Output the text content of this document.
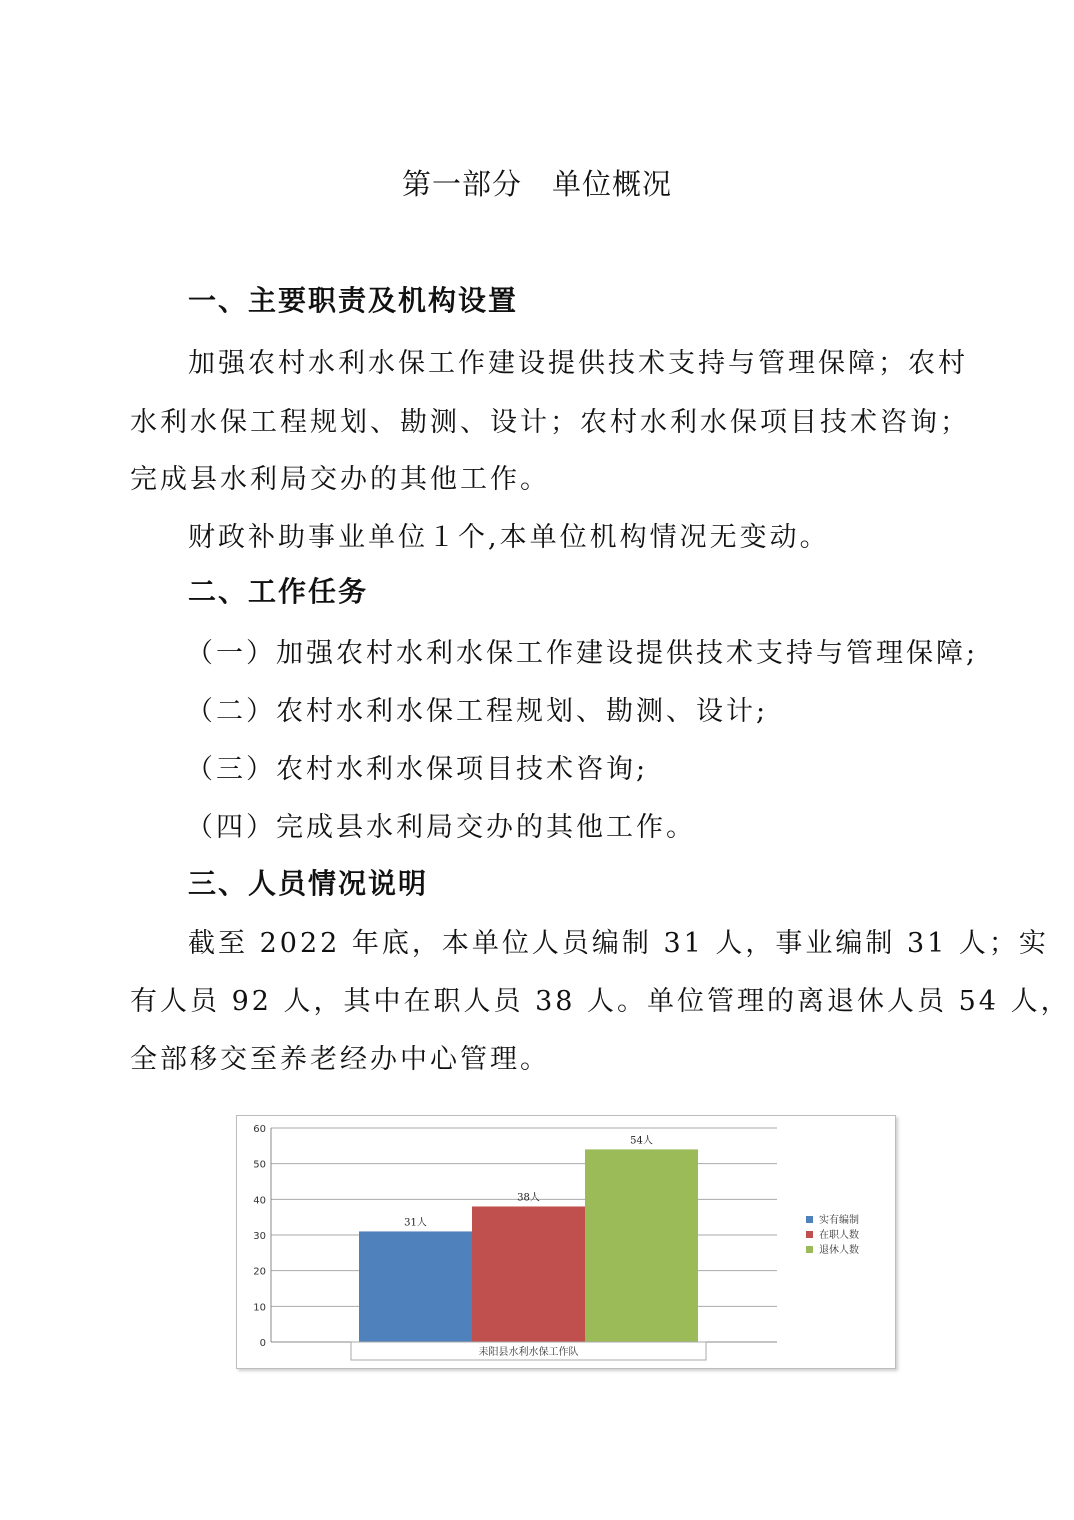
第一部分　单位概况
一、主要职责及机构设置
加强农村水利水保工作建设提供技术支持与管理保障；农村
水利水保工程规划、勘测、设计；农村水利水保项目技术咨询；
完成县水利局交办的其他工作。
财政补助事业单位１个,本单位机构情况无变动。
二、工作任务
（一）加强农村水利水保工作建设提供技术支持与管理保障;
（二）农村水利水保工程规划、勘测、设计;
（三）农村水利水保项目技术咨询;
（四）完成县水利局交办的其他工作。
三、人员情况说明
截至 2022 年底，本单位人员编制 31 人，事业编制 31 人；实
有人员 92 人，其中在职人员 38 人。单位管理的离退休人员 54 人，
全部移交至养老经办中心管理。
0
10
20
30
40
50
60
31人
38人
54人
耒阳县水利水保工作队
实有编制
在职人数
退休人数
